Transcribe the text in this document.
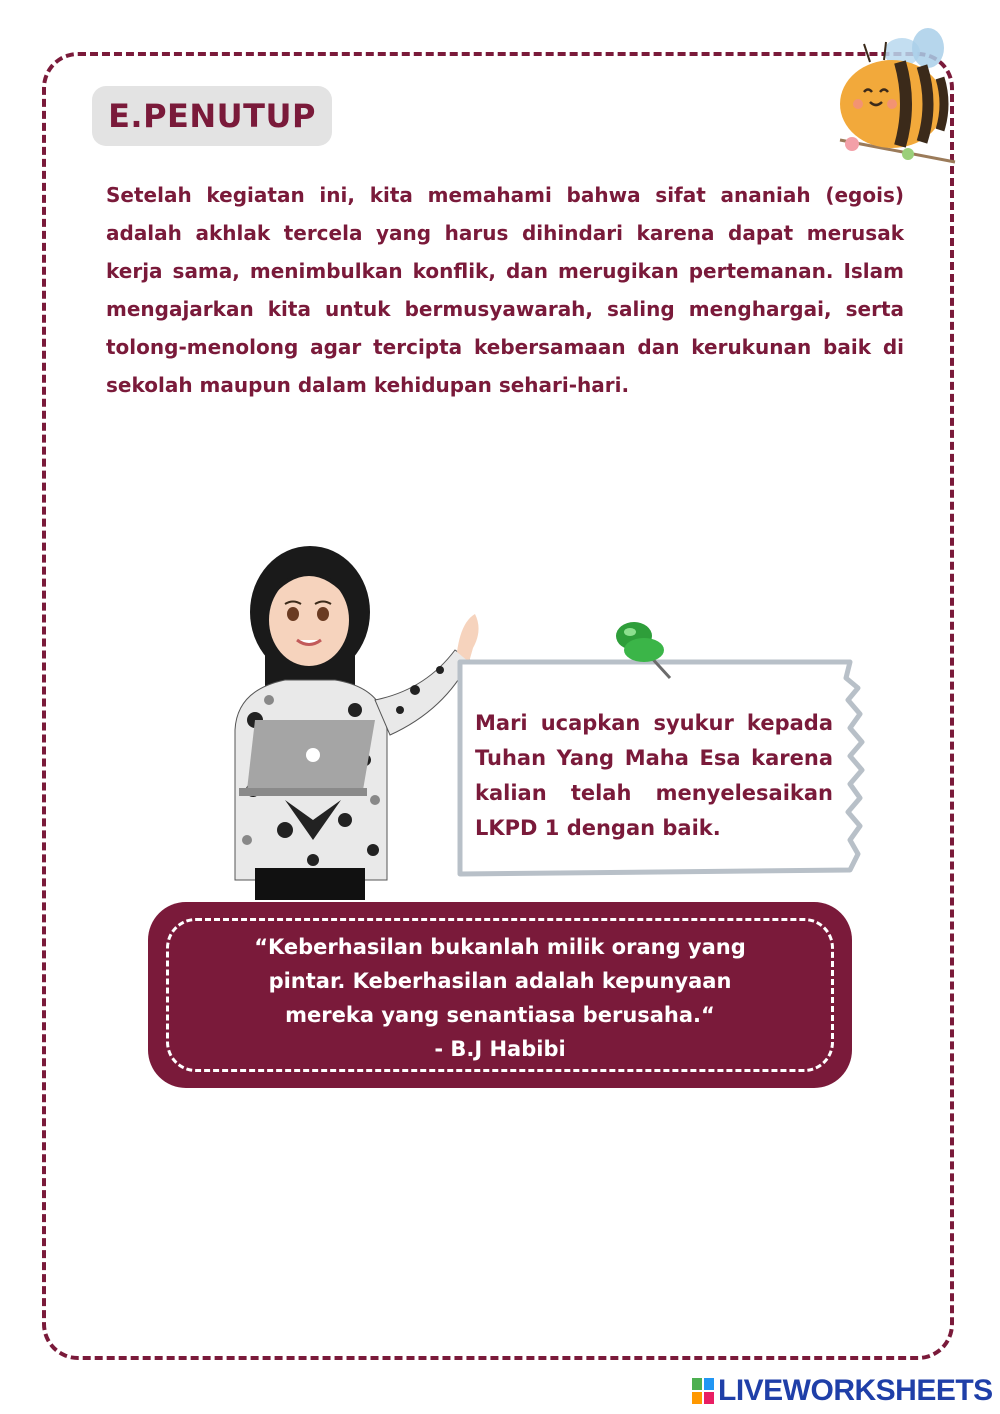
E.PENUTUP
Setelah kegiatan ini, kita memahami bahwa sifat ananiah (egois) adalah akhlak tercela yang harus dihindari karena dapat merusak kerja sama, menimbulkan konflik, dan merugikan pertemanan. Islam mengajarkan kita untuk bermusyawarah, saling menghargai, serta tolong-menolong agar tercipta kebersamaan dan kerukunan baik di sekolah maupun dalam kehidupan sehari-hari.
Mari ucapkan syukur kepada Tuhan Yang Maha Esa karena kalian telah menyelesaikan LKPD 1 dengan baik.
“Keberhasilan bukanlah milik orang yang
pintar. Keberhasilan adalah kepunyaan
mereka yang senantiasa berusaha.“
- B.J Habibi
LIVEWORKSHEETS
